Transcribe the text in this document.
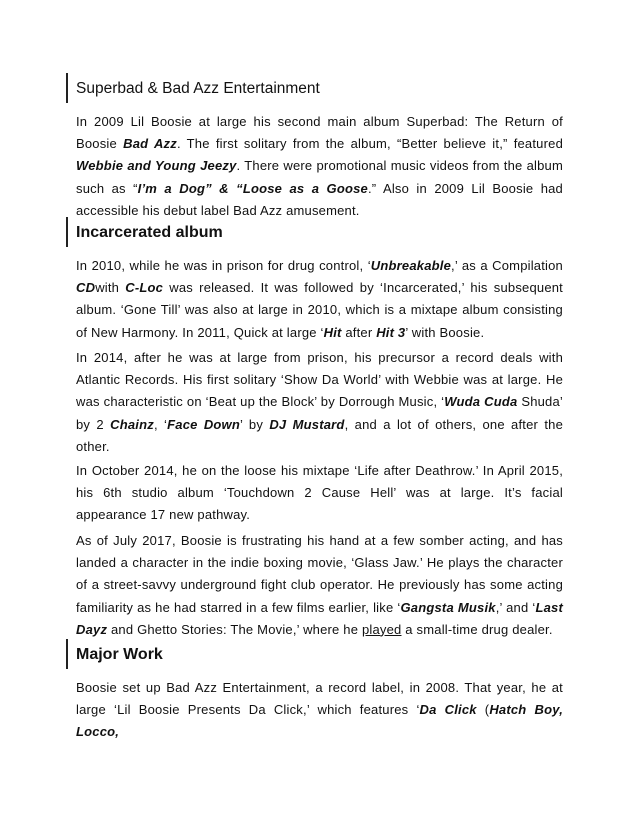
Superbad & Bad Azz Entertainment

In 2009 Lil Boosie at large his second main album Superbad: The Return of Boosie Bad Azz. The first solitary from the album, “Better believe it,” featured Webbie and Young Jeezy. There were promotional music videos from the album such as “I’m a Dog” & “Loose as a Goose.” Also in 2009 Lil Boosie had accessible his debut label Bad Azz amusement.

Incarcerated album

In 2010, while he was in prison for drug control, ‘Unbreakable,’ as a Compilation CDwith C-Loc was released. It was followed by ‘Incarcerated,’ his subsequent album. ‘Gone Till’ was also at large in 2010, which is a mixtape album consisting of New Harmony. In 2011, Quick at large ‘Hit after Hit 3’ with Boosie.

In 2014, after he was at large from prison, his precursor a record deals with Atlantic Records. His first solitary ‘Show Da World’ with Webbie was at large. He was characteristic on ‘Beat up the Block’ by Dorrough Music, ‘Wuda Cuda Shuda’ by 2 Chainz, ‘Face Down’ by DJ Mustard, and a lot of others, one after the other.

In October 2014, he on the loose his mixtape ‘Life after Deathrow.’ In April 2015, his 6th studio album ‘Touchdown 2 Cause Hell’ was at large. It’s facial appearance 17 new pathway.

As of July 2017, Boosie is frustrating his hand at a few somber acting, and has landed a character in the indie boxing movie, ‘Glass Jaw.’ He plays the character of a street-savvy underground fight club operator. He previously has some acting familiarity as he had starred in a few films earlier, like ‘Gangsta Musik,’ and ‘Last Dayz and Ghetto Stories: The Movie,’ where he played a small-time drug dealer.

Major Work

Boosie set up Bad Azz Entertainment, a record label, in 2008. That year, he at large ‘Lil Boosie Presents Da Click,’ which features ‘Da Click (Hatch Boy, Locco,
